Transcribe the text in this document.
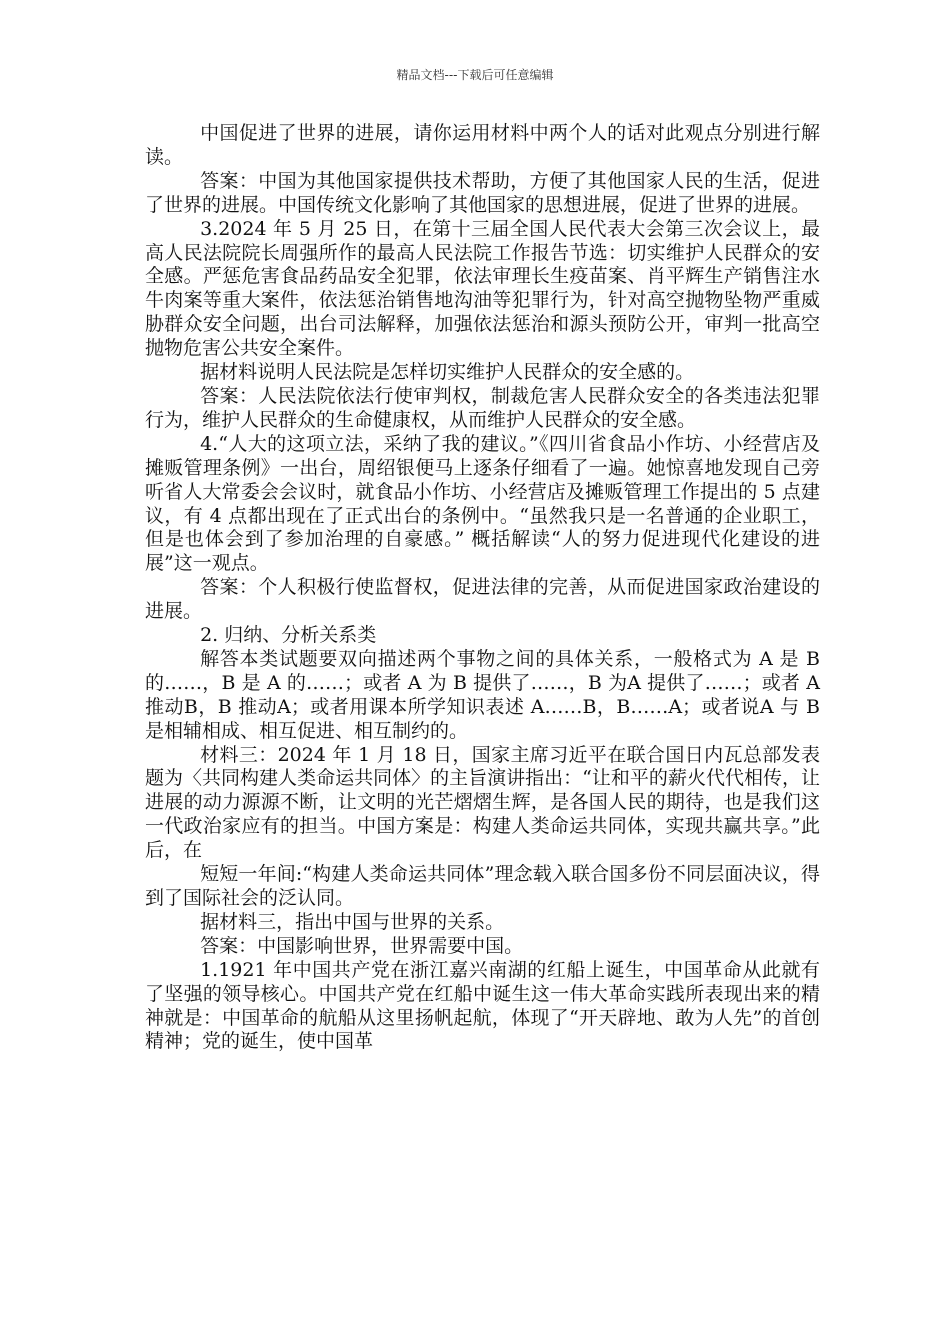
精品文档---下载后可任意编辑

中国促进了世界的进展，请你运用材料中两个人的话对此观点分别进行解读。

答案：中国为其他国家提供技术帮助，方便了其他国家人民的生活，促进了世界的进展。中国传统文化影响了其他国家的思想进展，促进了世界的进展。

3.2024 年 5 月 25 日，在第十三届全国人民代表大会第三次会议上，最高人民法院院长周强所作的最高人民法院工作报告节选：切实维护人民群众的安全感。严惩危害食品药品安全犯罪，依法审理长生疫苗案、肖平辉生产销售注水牛肉案等重大案件，依法惩治销售地沟油等犯罪行为，针对高空抛物坠物严重威胁群众安全问题，出台司法解释，加强依法惩治和源头预防公开，审判一批高空抛物危害公共安全案件。

据材料说明人民法院是怎样切实维护人民群众的安全感的。

答案：人民法院依法行使审判权，制裁危害人民群众安全的各类违法犯罪行为，维护人民群众的生命健康权，从而维护人民群众的安全感。

4.“人大的这项立法，采纳了我的建议。”《四川省食品小作坊、小经营店及摊贩管理条例》一出台，周绍银便马上逐条仔细看了一遍。她惊喜地发现自己旁听省人大常委会会议时，就食品小作坊、小经营店及摊贩管理工作提出的 5 点建议，有 4 点都出现在了正式出台的条例中。“虽然我只是一名普通的企业职工，但是也体会到了参加治理的自豪感。” 概括解读“人的努力促进现代化建设的进展”这一观点。

答案：个人积极行使监督权，促进法律的完善，从而促进国家政治建设的进展。

2. 归纳、分析关系类

解答本类试题要双向描述两个事物之间的具体关系，一般格式为 A 是 B 的……，B 是 A 的……；或者 A 为 B 提供了……，B 为A 提供了……；或者 A 推动B，B 推动A；或者用课本所学知识表述 A……B，B……A；或者说A 与 B 是相辅相成、相互促进、相互制约的。

材料三：2024 年 1 月 18 日，国家主席习近平在联合国日内瓦总部发表题为〈共同构建人类命运共同体〉的主旨演讲指出：“让和平的薪火代代相传，让进展的动力源源不断，让文明的光芒熠熠生辉，是各国人民的期待，也是我们这一代政治家应有的担当。中国方案是：构建人类命运共同体，实现共赢共享。”此后，在

短短一年间:“构建人类命运共同体”理念载入联合国多份不同层面决议，得到了国际社会的泛认同。

据材料三，指出中国与世界的关系。

答案：中国影响世界，世界需要中国。

1.1921 年中国共产党在浙江嘉兴南湖的红船上诞生，中国革命从此就有了坚强的领导核心。中国共产党在红船中诞生这一伟大革命实践所表现出来的精神就是：中国革命的航船从这里扬帆起航，体现了“开天辟地、敢为人先”的首创精神；党的诞生，使中国革
